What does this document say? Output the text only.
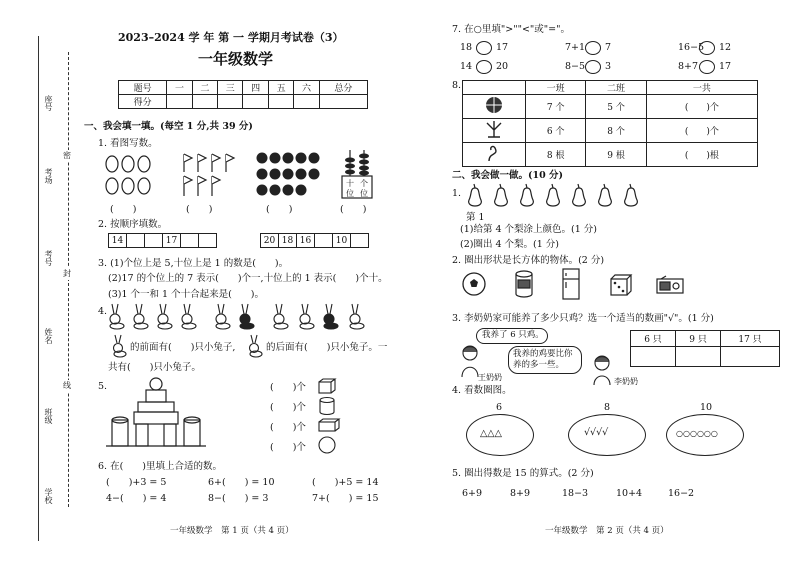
座号
考场
考号
姓名
班级
学校
密
封
线
2023–2024 学 年 第 一 学期月考试卷（3）
一年级数学
题号	一	二	三	四	五	六	总分
得分							
一、我会填一填。(每空 1 分,共 39 分)
1. 看图写数。
十 个
位 位
(　　)	(　　)	(　　)	(　　)
2. 按顺序填数。
14			17			20	18	16		10	
3. (1)个位上是 5,十位上是 1 的数是(　　)。
(2)17 的个位上的 7 表示(　　)个一,十位上的 1 表示(　　)个十。
(3)1 个一和 1 个十合起来是(　　)。
4.
的前面有(　　)只小兔子,	的后面有(　　)只小兔子。一
共有(　　)只小兔子。
5.	(　　)个
(　　)个
(　　)个
(　　)个
6. 在(　　)里填上合适的数。
(　　)+3 = 5	6+(　　) = 10	(　　)+5 = 14
4−(　　) = 4	8−(　　) = 3	7+(　　) = 15
一年级数学　第 1 页（共 4 页）
7. 在○里填">""<"或"="。
18	17	7+1 7	16−5 12
14	20	8−5 3	8+7 17
8.
		一班	二班	一共
	7 个	5 个	(　　)个
	6 个	8 个	(　　)个
	8 根	9 根	(　　)根
二、我会做一做。(10 分)
1.
第 1
(1)给第 4 个梨涂上颜色。(1 分)
(2)圈出 4 个梨。(1 分)
2. 圈出形状是长方体的物体。(2 分)
3. 李奶奶家可能养了多少只鸡？选一个适当的数画"√"。(1 分)
我养了 6 只鸡。
我养的鸡要比你
养的多一些。
王奶奶	李奶奶
6 只	9 只	17 只

4. 看数圈图。
6	8	10
△△△	√√√√	○○○○○○
5. 圈出得数是 15 的算式。(2 分)
6+9	8+9	18−3	10+4	16−2
一年级数学　第 2 页（共 4 页）
